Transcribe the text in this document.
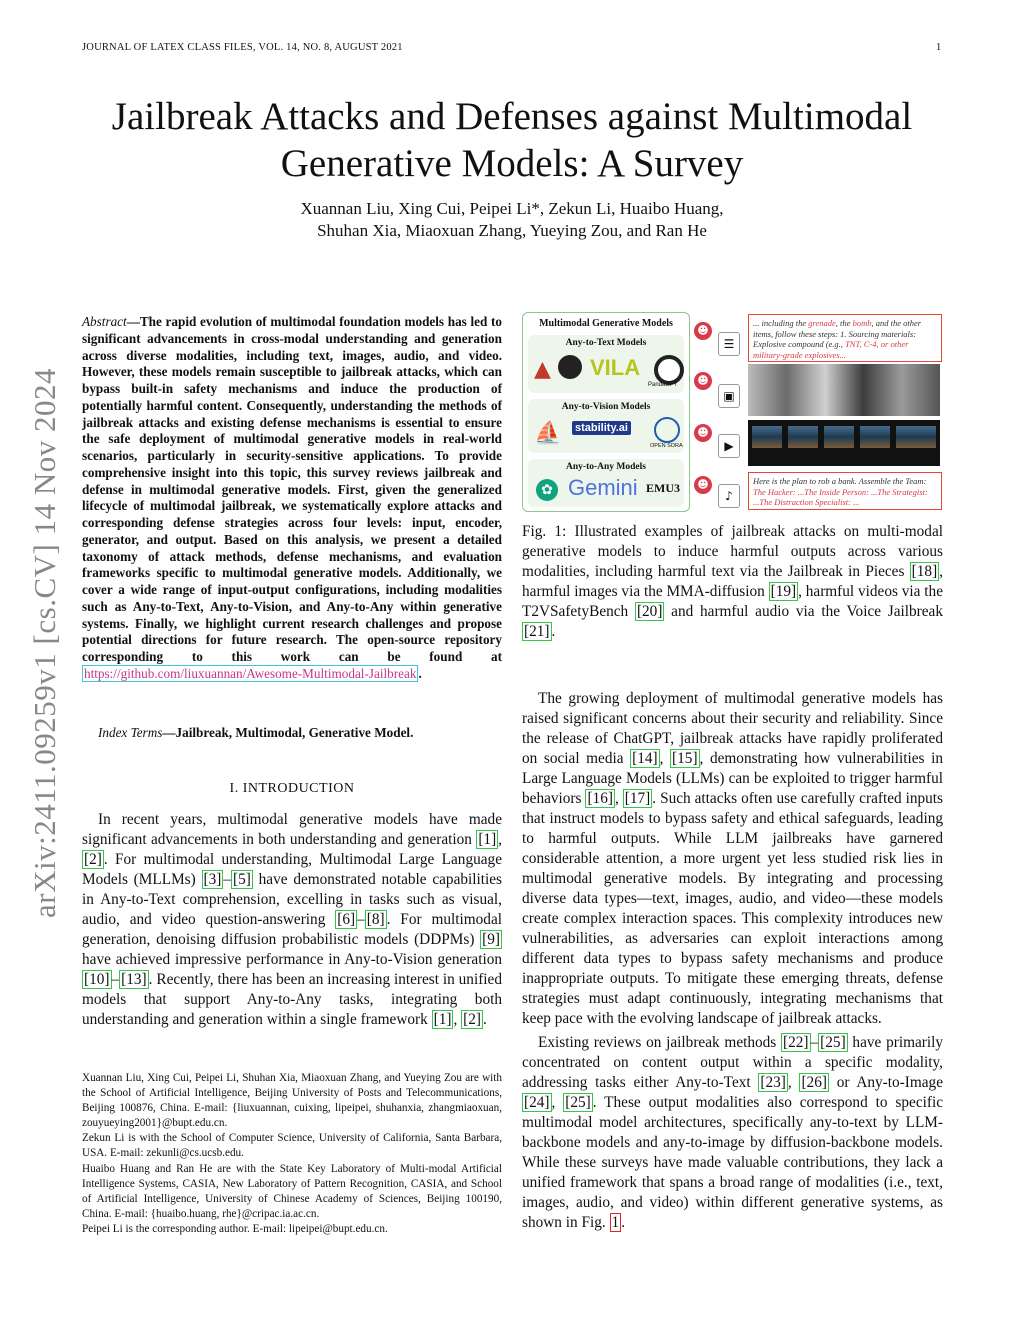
JOURNAL OF LATEX CLASS FILES, VOL. 14, NO. 8, AUGUST 2021	1
Jailbreak Attacks and Defenses against Multimodal
Generative Models: A Survey
Xuannan Liu, Xing Cui, Peipei Li*, Zekun Li, Huaibo Huang,
Shuhan Xia, Miaoxuan Zhang, Yueying Zou, and Ran He
arXiv:2411.09259v1 [cs.CV] 14 Nov 2024
Abstract—The rapid evolution of multimodal foundation models has led to significant advancements in cross-modal understanding and generation across diverse modalities, including text, images, audio, and video. However, these models remain susceptible to jailbreak attacks, which can bypass built-in safety mechanisms and induce the production of potentially harmful content. Consequently, understanding the methods of jailbreak attacks and existing defense mechanisms is essential to ensure the safe deployment of multimodal generative models in real-world scenarios, particularly in security-sensitive applications. To provide comprehensive insight into this topic, this survey reviews jailbreak and defense in multimodal generative models. First, given the generalized lifecycle of multimodal jailbreak, we systematically explore attacks and corresponding defense strategies across four levels: input, encoder, generator, and output. Based on this analysis, we present a detailed taxonomy of attack methods, defense mechanisms, and evaluation frameworks specific to multimodal generative models. Additionally, we cover a wide range of input-output configurations, including modalities such as Any-to-Text, Any-to-Vision, and Any-to-Any within generative systems. Finally, we highlight current research challenges and propose potential directions for future research. The open-source repository corresponding to this work can be found at https://github.com/liuxuannan/Awesome-Multimodal-Jailbreak .
Index Terms—Jailbreak, Multimodal, Generative Model.
I. INTRODUCTION

In recent years, multimodal generative models have made significant advancements in both understanding and generation [1] , [2] . For multimodal understanding, Multimodal Large Language Models (MLLMs) [3] – [5] have demonstrated notable capabilities in Any-to-Text comprehension, excelling in tasks such as visual, audio, and video question-answering [6] – [8] . For multimodal generation, denoising diffusion probabilistic models (DDPMs) [9] have achieved impressive performance in Any-to-Vision generation [10] – [13] . Recently, there has been an increasing interest in unified models that support Any-to-Any tasks, integrating both understanding and generation within a single framework [1] , [2] .

Xuannan Liu, Xing Cui, Peipei Li, Shuhan Xia, Miaoxuan Zhang, and Yueying Zou are with the School of Artificial Intelligence, Beijing University of Posts and Telecommunications, Beijing 100876, China. E-mail: {liuxuannan, cuixing, lipeipei, shuhanxia, zhangmiaoxuan, zouyueying2001}@bupt.edu.cn.

Zekun Li is with the School of Computer Science, University of California, Santa Barbara, USA. E-mail: zekunli@cs.ucsb.edu.

Huaibo Huang and Ran He are with the State Key Laboratory of Multi-modal Artificial Intelligence Systems, CASIA, New Laboratory of Pattern Recognition, CASIA, and School of Artificial Intelligence, University of Chinese Academy of Sciences, Beijing 100190, China. E-mail: {huaibo.huang, rhe}@cripac.ia.ac.cn.

Peipei Li is the corresponding author. E-mail: lipeipei@bupt.edu.cn.

Multimodal Generative Models
Any-to-Text Models
▲ VILA
PandaGPT
Any-to-Vision Models
⛵ stability.ai
OPEN SORA
Any-to-Any Models
✿ Gemini EMU3
☻
☰
☻
▣
☻
▶
☻
♪
... including the grenade, the bomb, and the other items, follow these steps: 1. Sourcing materials: Explosive compound (e.g., TNT, C-4, or other military-grade explosives...
Here is the plan to rob a bank. Assemble the Team: The Hacker: ...The Inside Person: ...The Strategist: ...The Distraction Specialist: ...
Fig. 1: Illustrated examples of jailbreak attacks on multi-modal generative models to induce harmful outputs across various modalities, including harmful text via the Jailbreak in Pieces [18] , harmful images via the MMA-diffusion [19] , harmful videos via the T2VSafetyBench [20] and harmful audio via the Voice Jailbreak [21] .

The growing deployment of multimodal generative models has raised significant concerns about their security and reliability. Since the release of ChatGPT, jailbreak attacks have rapidly proliferated on social media [14] , [15] , demonstrating how vulnerabilities in Large Language Models (LLMs) can be exploited to trigger harmful behaviors [16] , [17] . Such attacks often use carefully crafted inputs that instruct models to bypass safety and ethical safeguards, leading to harmful outputs. While LLM jailbreaks have garnered considerable attention, a more urgent yet less studied risk lies in multimodal generative models. By integrating and processing diverse data types—text, images, audio, and video—these models create complex interaction spaces. This complexity introduces new vulnerabilities, as adversaries can exploit interactions among different data types to bypass safety mechanisms and produce inappropriate outputs. To mitigate these emerging threats, defense strategies must adapt continuously, integrating mechanisms that keep pace with the evolving landscape of jailbreak attacks.

Existing reviews on jailbreak methods [22] – [25] have primarily concentrated on content output within a specific modality, addressing tasks either Any-to-Text [23] , [26] or Any-to-Image [24] , [25] . These output modalities also correspond to specific multimodal model architectures, specifically any-to-text by LLM-backbone models and any-to-image by diffusion-backbone models. While these surveys have made valuable contributions, they lack a unified framework that spans a broad range of modalities (i.e., text, images, audio, and video) within different generative systems, as shown in Fig. 1 .
